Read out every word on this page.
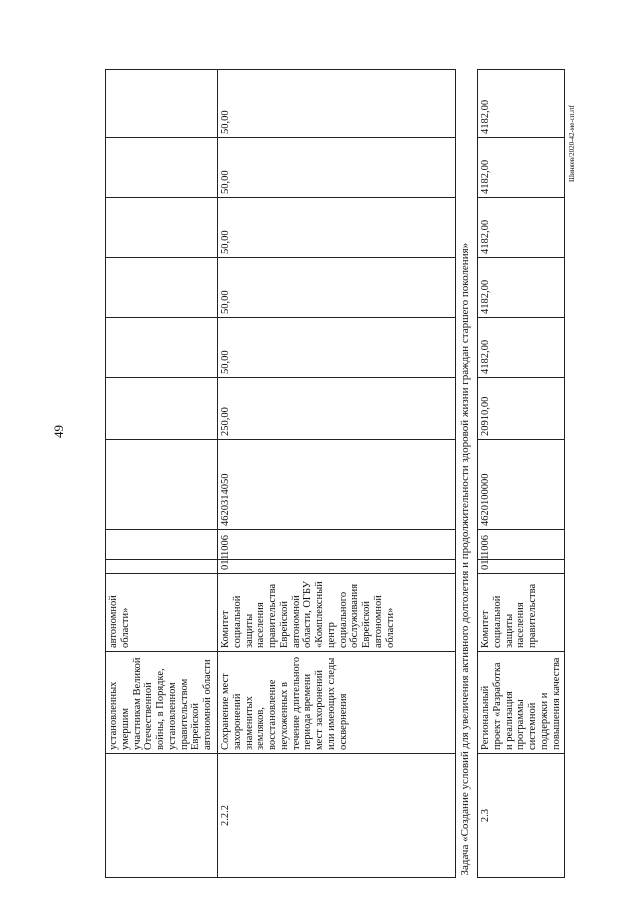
49
	установленных умершим участникам Великой Отечественной войны, в Порядке, установленном правительством Еврейской автономной области	автономной области»									
2.2.2	Сохранение мест захоронений знаменитых земляков, восстановление неухоженных в течение длительного периода времени мест захоронений или имеющих следы осквернения	Комитет социальной защиты населения правительства Еврейской автономной области, ОГБУ «Комплексный центр социального обслуживания Еврейской автономной области»	011	1006	4620314050	250,00	50,00	50,00	50,00	50,00	50,00
Задача «Создание условий для увеличения активного долголетия и продолжительности здоровой жизни граждан старшего поколения»											
2.3	Региональный проект «Разработка и реализация программы системной поддержки и повышения качества	Комитет социальной защиты населения правительства	011	1006	4620100000	20910,00	4182,00	4182,00	4182,00	4182,00	4182,00	Шиняев/2020-42-ме-сп.rtf
